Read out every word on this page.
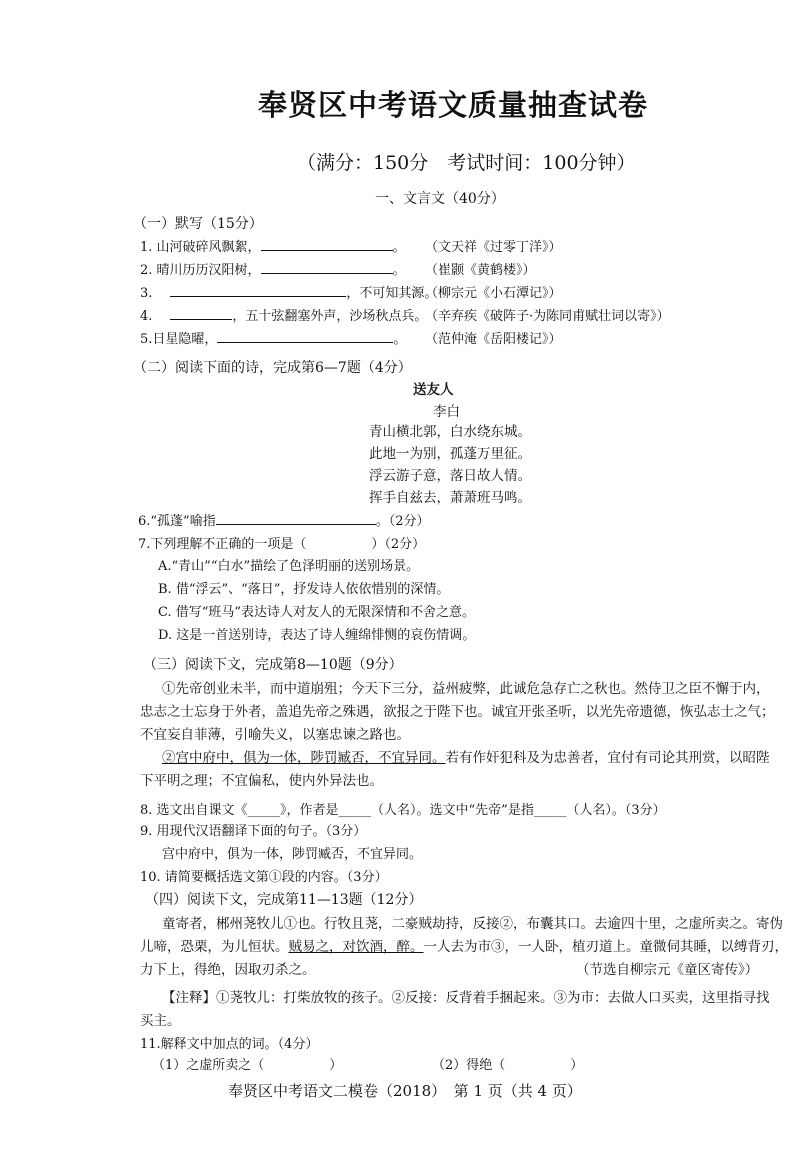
奉贤区中考语文质量抽查试卷
（满分：150分　考试时间：100分钟）
一、文言文（40分）
（一）默写（15分）
1. 山河破碎风飘絮，	。 （文天祥《过零丁洋》）
2. 晴川历历汉阳树，	。 （崔颢《黄鹤楼》）
3.	，不可知其源。
（柳宗元《小石潭记》）
4.	，五十弦翻塞外声，沙场秋点兵。
（辛弃疾《破阵子·为陈同甫赋壮词以寄》）
5.日星隐曜，	。 （范仲淹《岳阳楼记》）
（二）阅读下面的诗，完成第6—7题（4分）
送友人
李白
青山横北郭，白水绕东城。
此地一为别，孤蓬万里征。
浮云游子意，落日故人情。
挥手自兹去，萧萧班马鸣。
6.“孤蓬”喻指	。（2分）
7.下列理解不正确的一项是（　　　　　）（2分）
A.“青山”“白水”描绘了色泽明丽的送别场景。
B. 借“浮云”、“落日”，抒发诗人依依惜别的深情。
C. 借写“班马”表达诗人对友人的无限深情和不舍之意。
D. 这是一首送别诗，表达了诗人缠绵悱恻的哀伤情调。
（三）阅读下文，完成第8—10题（9分）
①先帝创业未半，而中道崩殂；今天下三分，益州疲弊，此诚危急存亡之秋也。然侍卫之臣不懈于内，
忠志之士忘身于外者，盖追先帝之殊遇，欲报之于陛下也。诚宜开张圣听，以光先帝遗德，恢弘志士之气；
不宜妄自菲薄，引喻失义，以塞忠谏之路也。
②宫中府中，俱为一体，陟罚臧否，不宜异同。若有作奸犯科及为忠善者，宜付有司论其刑赏，以昭陛
下平明之理；不宜偏私，使内外异法也。
8. 选文出自课文《_____》，作者是_____（人名）。选文中“先帝”是指_____（人名）。（3分）
9. 用现代汉语翻译下面的句子。（3分）
宫中府中，俱为一体，陟罚臧否，不宜异同。
10. 请简要概括选文第①段的内容。（3分）
（四）阅读下文，完成第11—13题（12分）
童寄者，郴州荛牧儿①也。行牧且荛，二豪贼劫持，反接②，布囊其口。去逾四十里，之虚所卖之。寄伪
儿啼，恐栗，为儿恒状。贼易之，对饮酒，醉。一人去为市③，一人卧，植刃道上。童微伺其睡，以缚背刃，
力下上，得绝，因取刃杀之。	（节选自柳宗元《童区寄传》）
【注释】①荛牧儿：打柴放牧的孩子。②反接：反背着手捆起来。③为市：去做人口买卖，这里指寻找
买主。
11.解释文中加点的词。（4分）
（1）之虚所卖之（　　　　　）	（2）得绝（　　　　　）
奉贤区中考语文二模卷（2018）　第 1 页（共 4 页）
